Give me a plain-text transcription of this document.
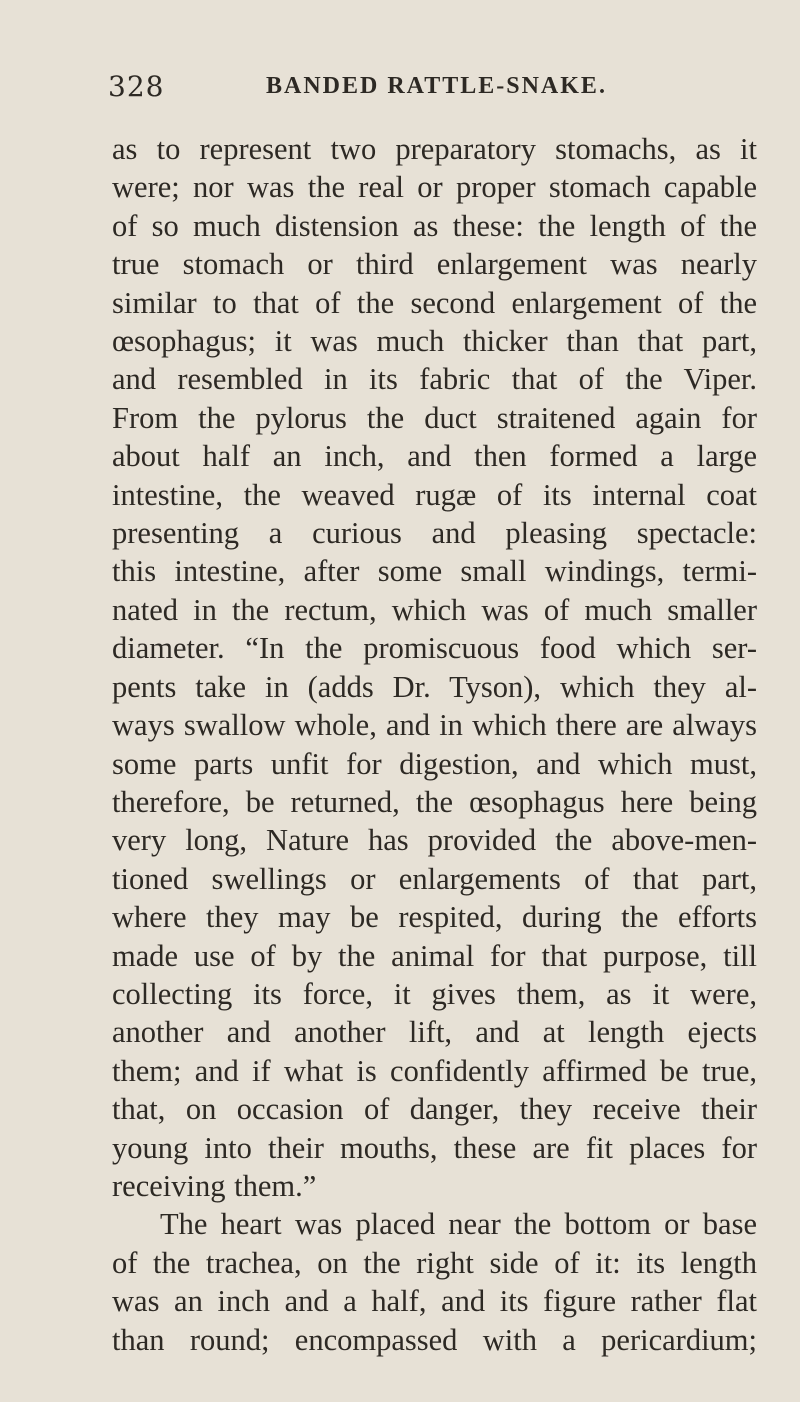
328	BANDED RATTLE-SNAKE.
as to represent two preparatory stomachs, as it
were; nor was the real or proper stomach capable
of so much distension as these: the length of the
true stomach or third enlargement was nearly
similar to that of the second enlargement of the
œsophagus; it was much thicker than that part,
and resembled in its fabric that of the Viper.
From the pylorus the duct straitened again for
about half an inch, and then formed a large
intestine, the weaved rugæ of its internal coat
presenting a curious and pleasing spectacle:
this intestine, after some small windings, termi-
nated in the rectum, which was of much smaller
diameter. “In the promiscuous food which ser-
pents take in (adds Dr. Tyson), which they al-
ways swallow whole, and in which there are always
some parts unfit for digestion, and which must,
therefore, be returned, the œsophagus here being
very long, Nature has provided the above-men-
tioned swellings or enlargements of that part,
where they may be respited, during the efforts
made use of by the animal for that purpose, till
collecting its force, it gives them, as it were,
another and another lift, and at length ejects
them; and if what is confidently affirmed be true,
that, on occasion of danger, they receive their
young into their mouths, these are fit places for
receiving them.”
The heart was placed near the bottom or base
of the trachea, on the right side of it: its length
was an inch and a half, and its figure rather flat
than round; encompassed with a pericardium;
